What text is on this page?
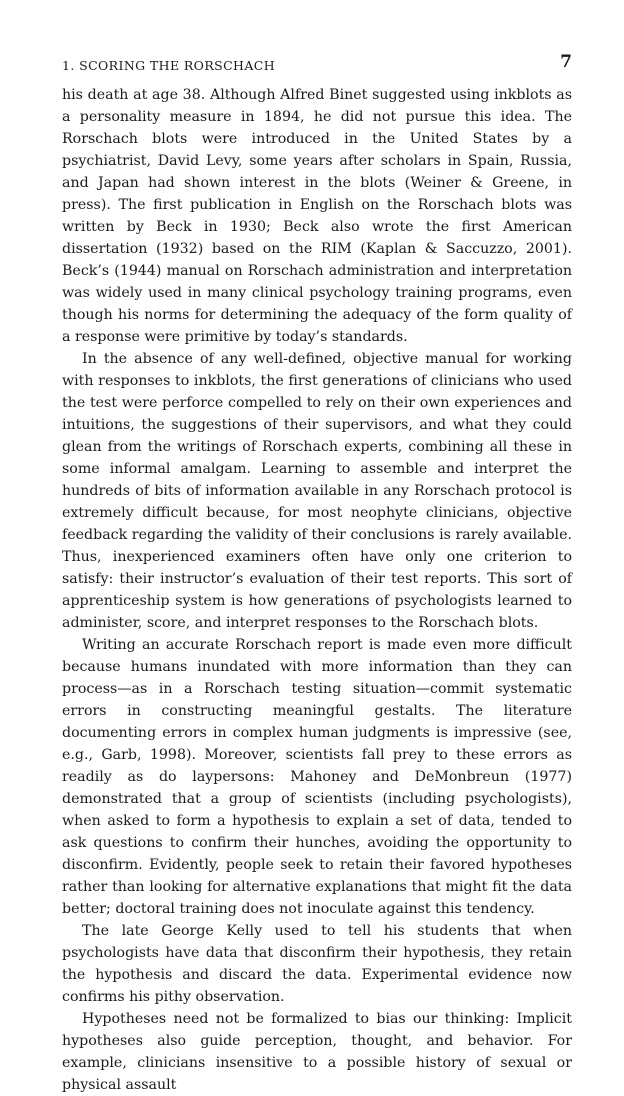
1. SCORING THE RORSCHACH	7

his death at age 38. Although Alfred Binet suggested using inkblots as a personality measure in 1894, he did not pursue this idea. The Rorschach blots were introduced in the United States by a psychiatrist, David Levy, some years after scholars in Spain, Russia, and Japan had shown interest in the blots (Weiner & Greene, in press). The first publication in English on the Rorschach blots was written by Beck in 1930; Beck also wrote the first American dissertation (1932) based on the RIM (Kaplan & Saccuzzo, 2001). Beck’s (1944) manual on Rorschach administration and interpretation was widely used in many clinical psychology training programs, even though his norms for determining the adequacy of the form quality of a response were primitive by today’s standards.

In the absence of any well-defined, objective manual for working with responses to inkblots, the first generations of clinicians who used the test were perforce compelled to rely on their own experiences and intuitions, the suggestions of their supervisors, and what they could glean from the writings of Rorschach experts, combining all these in some informal amalgam. Learning to assemble and interpret the hundreds of bits of information available in any Rorschach protocol is extremely difficult because, for most neophyte clinicians, objective feedback regarding the validity of their conclusions is rarely available. Thus, inexperienced examiners often have only one criterion to satisfy: their instructor’s evaluation of their test reports. This sort of apprenticeship system is how generations of psychologists learned to administer, score, and interpret responses to the Rorschach blots.

Writing an accurate Rorschach report is made even more difficult because humans inundated with more information than they can process—as in a Rorschach testing situation—commit systematic errors in constructing meaningful gestalts. The literature documenting errors in complex human judgments is impressive (see, e.g., Garb, 1998). Moreover, scientists fall prey to these errors as readily as do laypersons: Mahoney and DeMonbreun (1977) demonstrated that a group of scientists (including psychologists), when asked to form a hypothesis to explain a set of data, tended to ask questions to confirm their hunches, avoiding the opportunity to disconfirm. Evidently, people seek to retain their favored hypotheses rather than looking for alternative explanations that might fit the data better; doctoral training does not inoculate against this tendency.

The late George Kelly used to tell his students that when psychologists have data that disconfirm their hypothesis, they retain the hypothesis and discard the data. Experimental evidence now confirms his pithy observation.

Hypotheses need not be formalized to bias our thinking: Implicit hypotheses also guide perception, thought, and behavior. For example, clinicians insensitive to a possible history of sexual or physical assault
